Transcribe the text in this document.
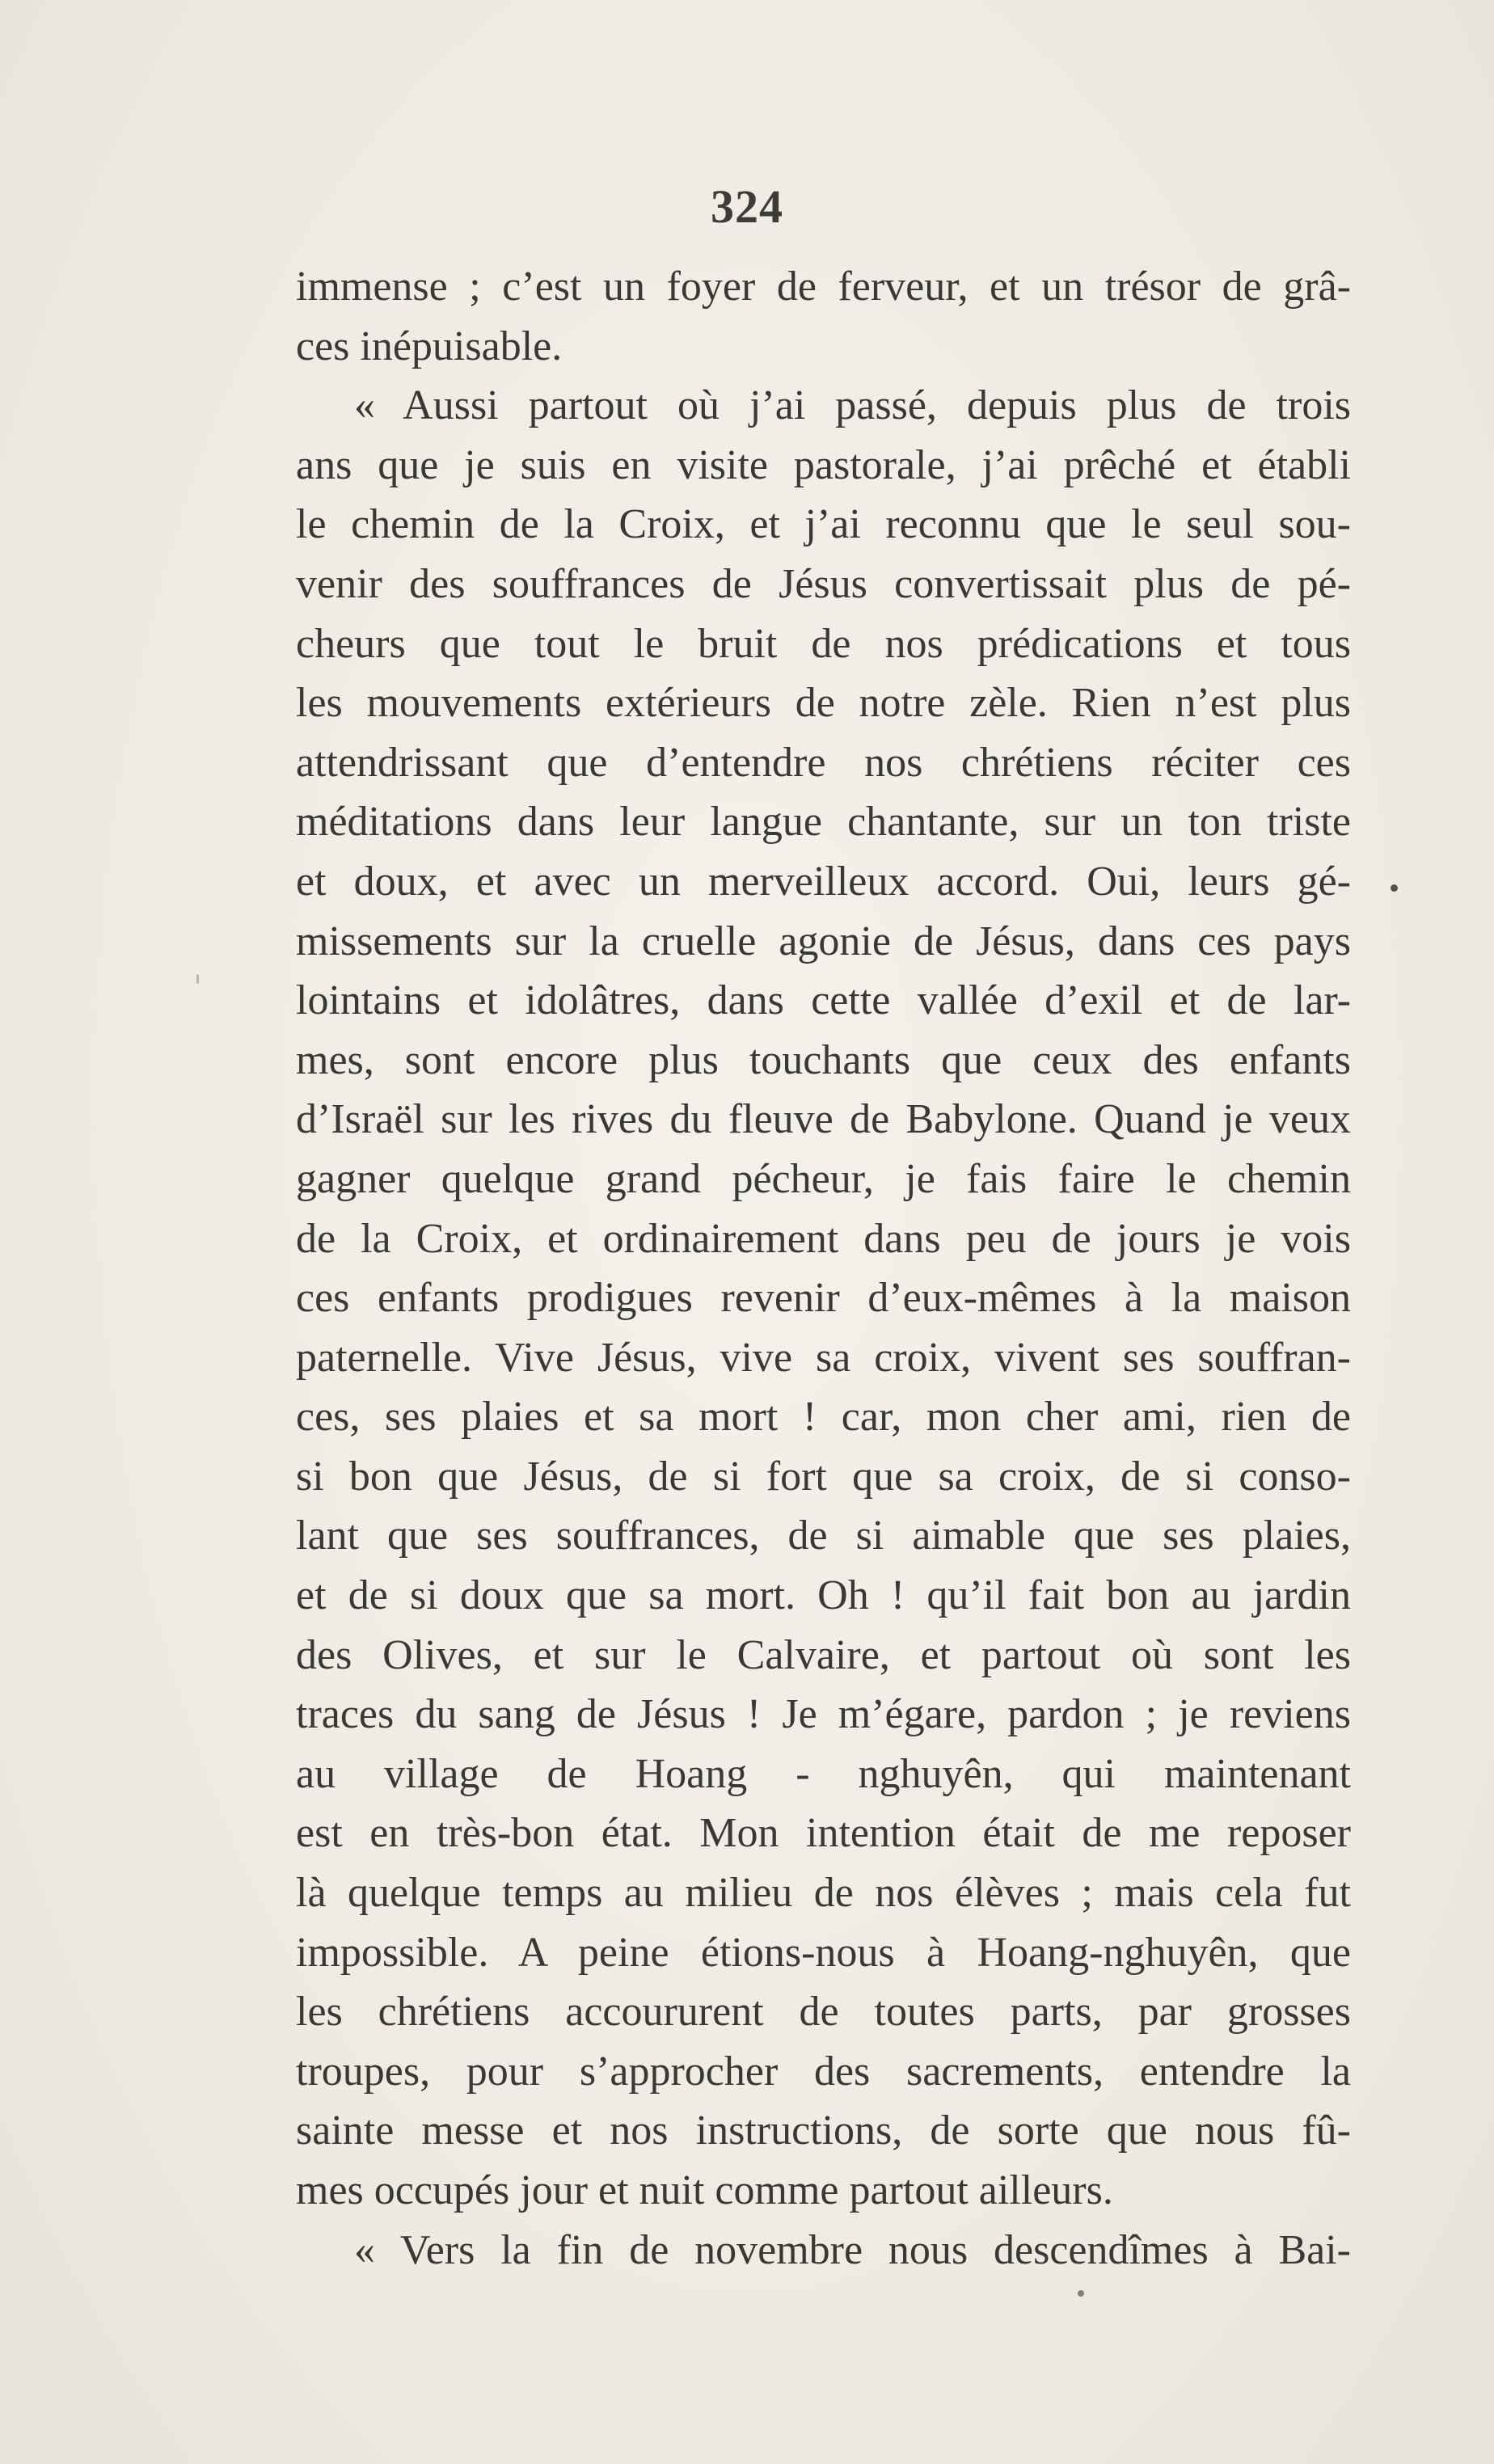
324
immense ; c’est un foyer de ferveur, et un trésor de grâ-
ces inépuisable.
« Aussi partout où j’ai passé, depuis plus de trois
ans que je suis en visite pastorale, j’ai prêché et établi
le chemin de la Croix, et j’ai reconnu que le seul sou-
venir des souffrances de Jésus convertissait plus de pé-
cheurs que tout le bruit de nos prédications et tous
les mouvements extérieurs de notre zèle. Rien n’est plus
attendrissant que d’entendre nos chrétiens réciter ces
méditations dans leur langue chantante, sur un ton triste
et doux, et avec un merveilleux accord. Oui, leurs gé-
missements sur la cruelle agonie de Jésus, dans ces pays
lointains et idolâtres, dans cette vallée d’exil et de lar-
mes, sont encore plus touchants que ceux des enfants
d’Israël sur les rives du fleuve de Babylone. Quand je veux
gagner quelque grand pécheur, je fais faire le chemin
de la Croix, et ordinairement dans peu de jours je vois
ces enfants prodigues revenir d’eux-mêmes à la maison
paternelle. Vive Jésus, vive sa croix, vivent ses souffran-
ces, ses plaies et sa mort ! car, mon cher ami, rien de
si bon que Jésus, de si fort que sa croix, de si conso-
lant que ses souffrances, de si aimable que ses plaies,
et de si doux que sa mort. Oh ! qu’il fait bon au jardin
des Olives, et sur le Calvaire, et partout où sont les
traces du sang de Jésus ! Je m’égare, pardon ; je reviens
au village de Hoang - nghuyên, qui maintenant
est en très-bon état. Mon intention était de me reposer
là quelque temps au milieu de nos élèves ; mais cela fut
impossible. A peine étions-nous à Hoang-nghuyên, que
les chrétiens accoururent de toutes parts, par grosses
troupes, pour s’approcher des sacrements, entendre la
sainte messe et nos instructions, de sorte que nous fû-
mes occupés jour et nuit comme partout ailleurs.
« Vers la fin de novembre nous descendîmes à Bai-
